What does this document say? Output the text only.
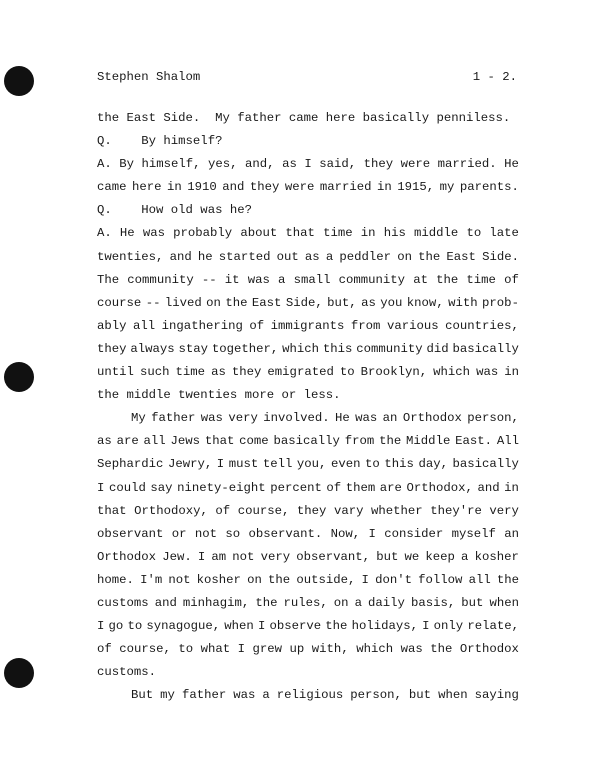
Stephen Shalom	1 - 2.
the East Side.  My father came here basically penniless.
Q.    By himself?
A. By himself, yes, and, as I said, they were married. He
came here in 1910 and they were married in 1915, my parents.
Q.    How old was he?
A. He was probably about that time in his middle to late
twenties, and he started out as a peddler on the East Side.
The community -- it was a small community at the time of
course -- lived on the East Side, but, as you know, with prob-
ably all ingathering of immigrants from various countries,
they always stay together, which this community did basically
until such time as they emigrated to Brooklyn, which was in
the middle twenties more or less.
My father was very involved. He was an Orthodox person,
as are all Jews that come basically from the Middle East. All
Sephardic Jewry, I must tell you, even to this day, basically
I could say ninety-eight percent of them are Orthodox, and in
that Orthodoxy, of course, they vary whether they're very
observant or not so observant. Now, I consider myself an
Orthodox Jew. I am not very observant, but we keep a kosher
home. I'm not kosher on the outside, I don't follow all the
customs and minhagim, the rules, on a daily basis, but when
I go to synagogue, when I observe the holidays, I only relate,
of course, to what I grew up with, which was the Orthodox
customs.
But my father was a religious person, but when saying
